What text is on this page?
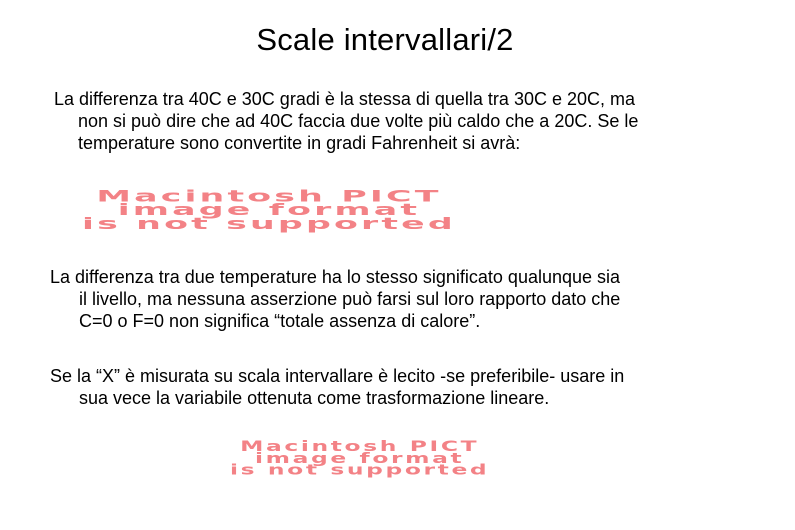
Scale intervallari/2

La differenza tra 40C e 30C gradi è la stessa di quella tra 30C e 20C, ma
non si può dire che ad 40C faccia due volte più caldo che a 20C. Se le
temperature sono convertite in gradi Fahrenheit si avrà:

Macintosh PICT
image format
is not supported

La differenza tra due temperature ha lo stesso significato qualunque sia
il livello, ma nessuna asserzione può farsi sul loro rapporto dato che
C=0 o F=0 non significa “totale assenza di calore”.

Se la “X” è misurata su scala intervallare è lecito -se preferibile- usare in
sua vece la variabile ottenuta come trasformazione lineare.

Macintosh PICT
image format
is not supported
